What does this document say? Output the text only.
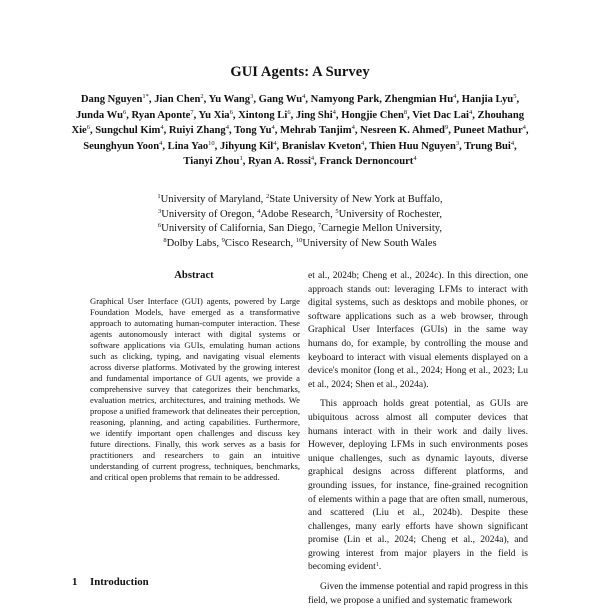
GUI Agents: A Survey
Dang Nguyen$^{1*}$, Jian Chen$^2$, Yu Wang$^3$, Gang Wu$^4$, Namyong Park, Zhengmian Hu$^4$, Hanjia Lyu$^5$, Junda Wu$^6$, Ryan Aponte$^7$, Yu Xia$^6$, Xintong Li$^6$, Jing Shi$^4$, Hongjie Chen$^8$, Viet Dac Lai$^4$, Zhouhang Xie$^6$, Sungchul Kim$^4$, Ruiyi Zhang$^4$, Tong Yu$^4$, Mehrab Tanjim$^4$, Nesreen K. Ahmed$^9$, Puneet Mathur$^4$, Seunghyun Yoon$^4$, Lina Yao$^{10}$, Jihyung Kil$^4$, Branislav Kveton$^4$, Thien Huu Nguyen$^3$, Trung Bui$^4$, Tianyi Zhou$^1$, Ryan A. Rossi$^4$, Franck Dernoncourt$^4$
$^1$University of Maryland, $^2$State University of New York at Buffalo,
$^3$University of Oregon, $^4$Adobe Research, $^5$University of Rochester,
$^6$University of California, San Diego, $^7$Carnegie Mellon University,
$^8$Dolby Labs, $^9$Cisco Research, $^{10}$University of New South Wales
Abstract
Graphical User Interface (GUI) agents, powered by Large Foundation Models, have emerged as a transformative approach to automating human-computer interaction. These agents autonomously interact with digital systems or software applications via GUIs, emulating human actions such as clicking, typing, and navigating visual elements across diverse platforms. Motivated by the growing interest and fundamental importance of GUI agents, we provide a comprehensive survey that categorizes their benchmarks, evaluation metrics, architectures, and training methods. We propose a unified framework that delineates their perception, reasoning, planning, and acting capabilities. Furthermore, we identify important open challenges and discuss key future directions. Finally, this work serves as a basis for practitioners and researchers to gain an intuitive understanding of current progress, techniques, benchmarks, and critical open problems that remain to be addressed.
1 Introduction

et al., 2024b; Cheng et al., 2024c). In this direction, one approach stands out: leveraging LFMs to interact with digital systems, such as desktops and mobile phones, or software applications such as a web browser, through Graphical User Interfaces (GUIs) in the same way humans do, for example, by controlling the mouse and keyboard to interact with visual elements displayed on a device's monitor (Iong et al., 2024; Hong et al., 2023; Lu et al., 2024; Shen et al., 2024a).

This approach holds great potential, as GUIs are ubiquitous across almost all computer devices that humans interact with in their work and daily lives. However, deploying LFMs in such environments poses unique challenges, such as dynamic layouts, diverse graphical designs across different platforms, and grounding issues, for instance, fine-grained recognition of elements within a page that are often small, numerous, and scattered (Liu et al., 2024b). Despite these challenges, many early efforts have shown significant promise (Lin et al., 2024; Cheng et al., 2024a), and growing interest from major players in the field is becoming evident$^1$.

Given the immense potential and rapid progress in this field, we propose a unified and systematic framework
